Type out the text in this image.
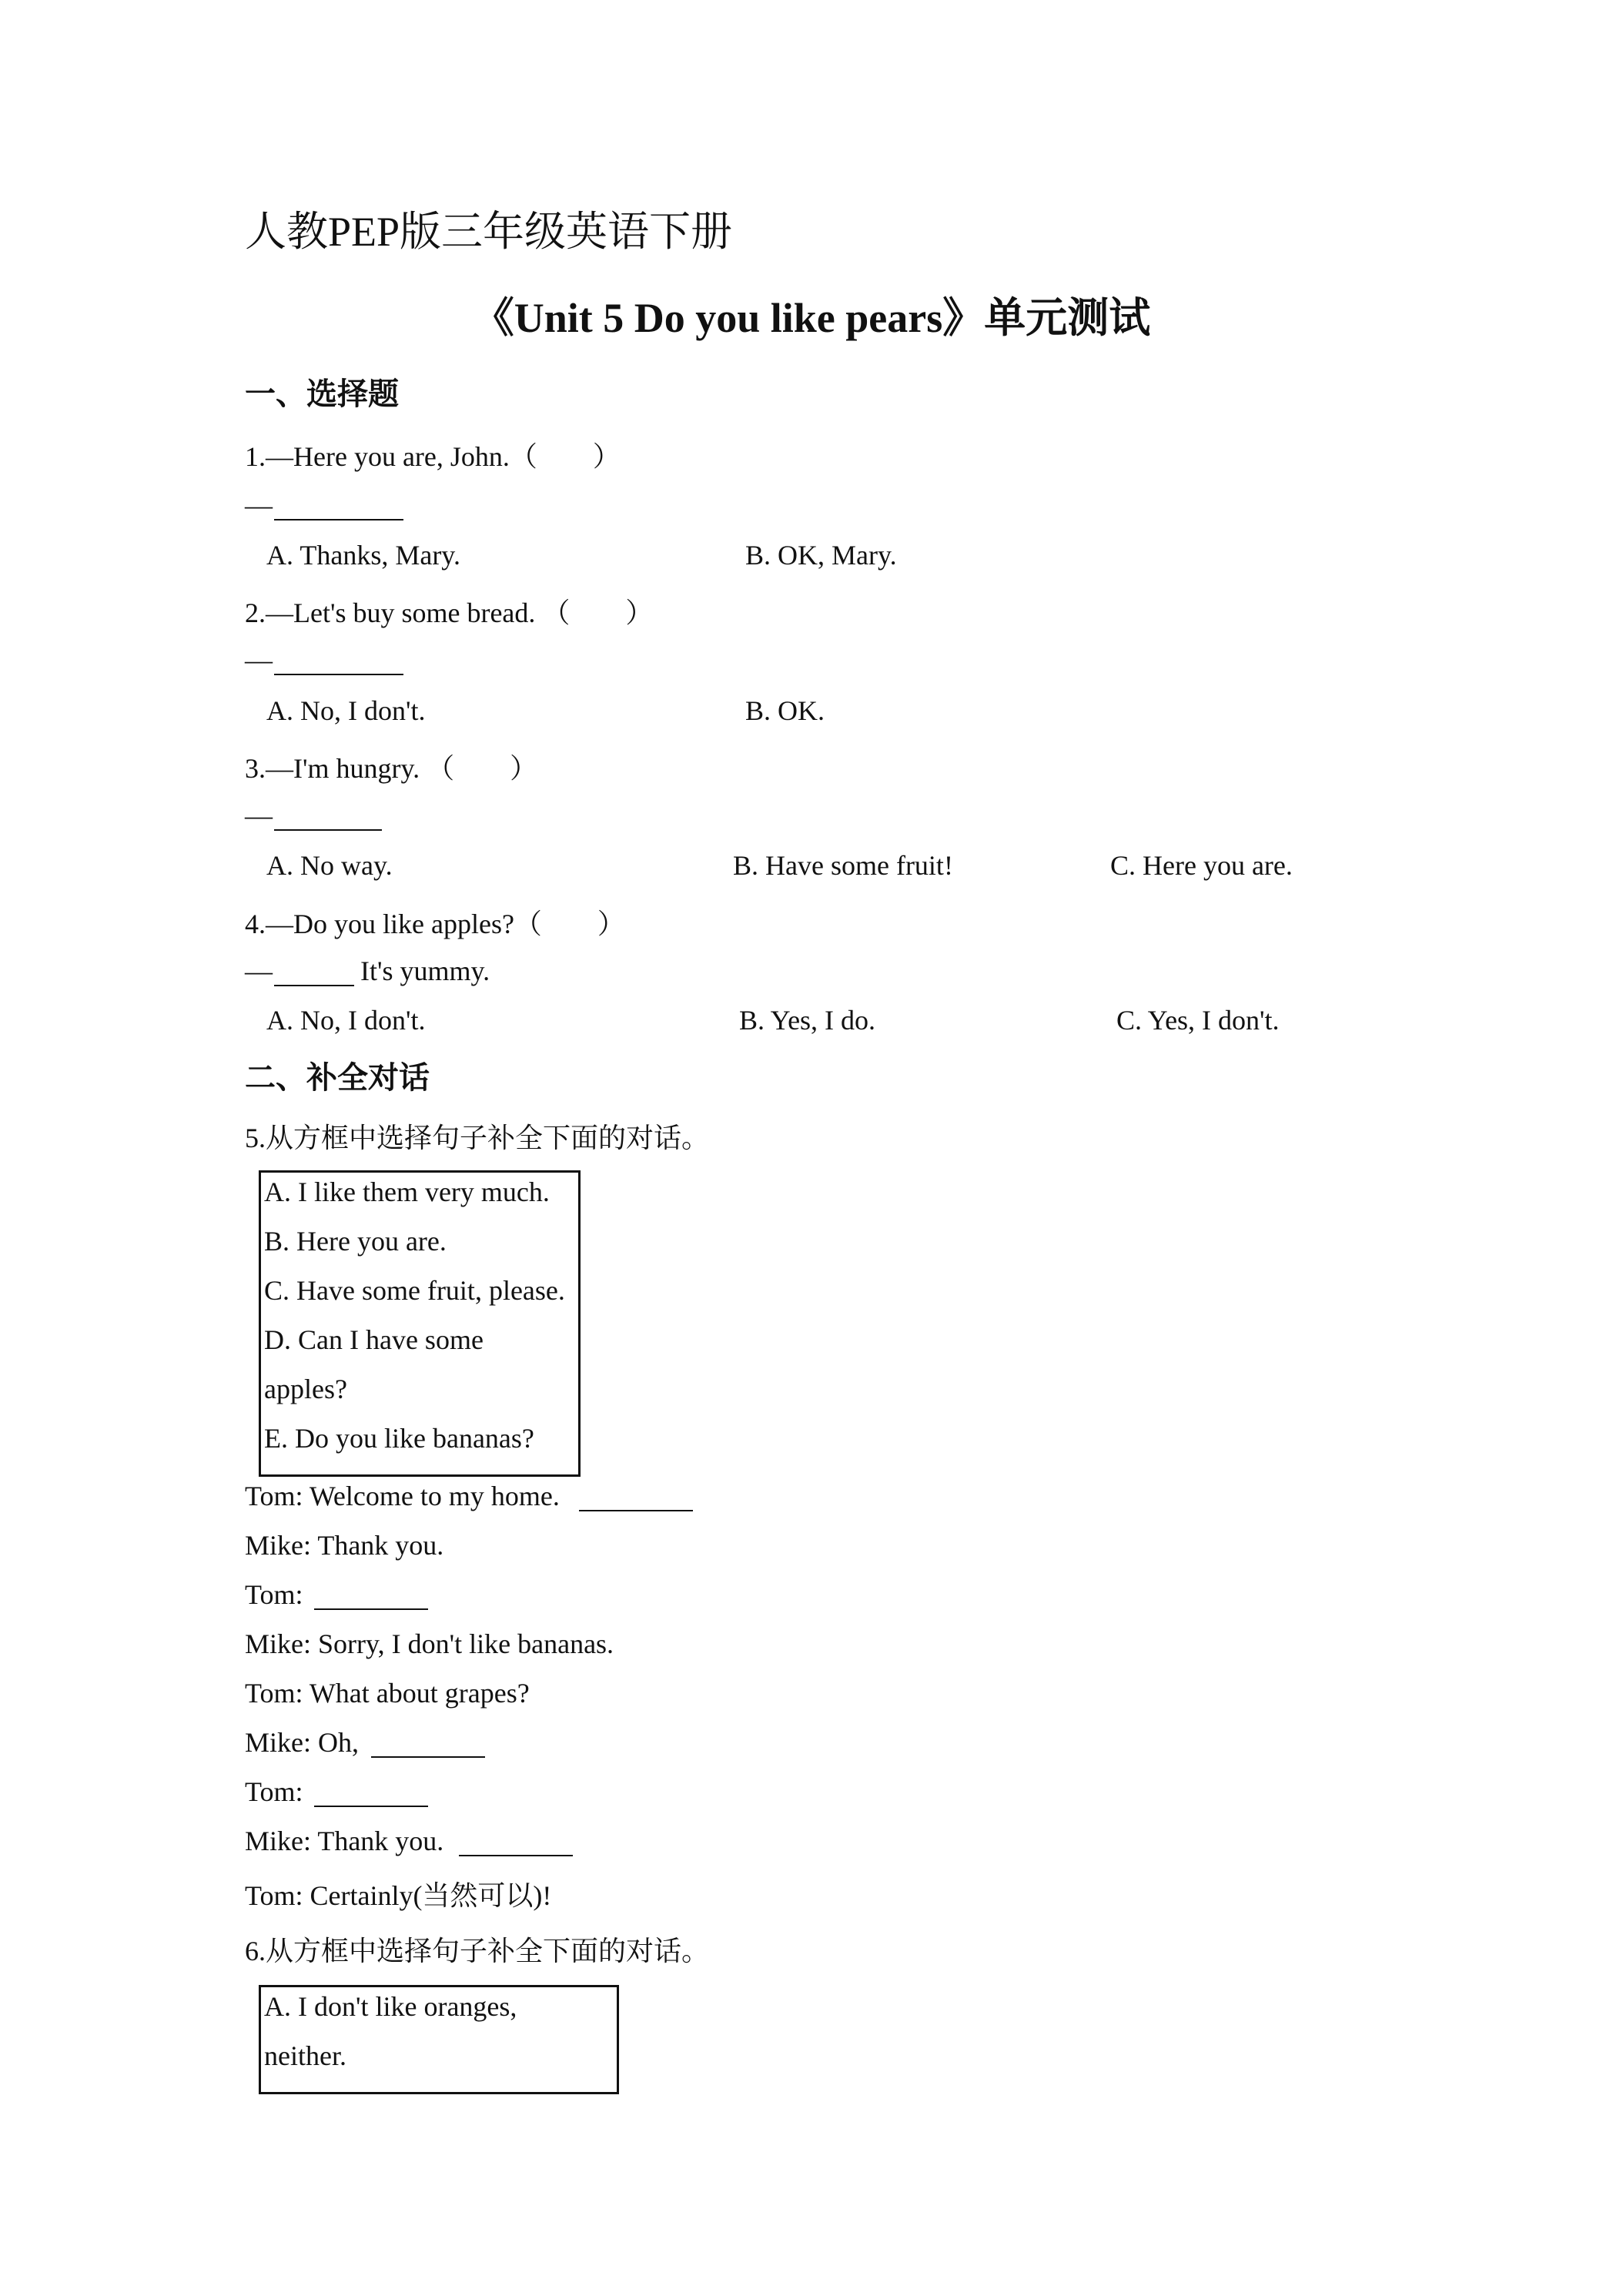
人教PEP版三年级英语下册
《Unit 5 Do you like pears》单元测试
一、选择题
1.—Here you are, John.（　　）
—
A. Thanks, Mary.	B. OK, Mary.
2.—Let's buy some bread. （　　）
—
A. No, I don't.	B. OK.
3.—I'm hungry. （　　）
—
A. No way.	B. Have some fruit!	C. Here you are.
4.—Do you like apples?（　　）
—	It's yummy.
A. No, I don't.	B. Yes, I do.	C. Yes, I don't.
二、补全对话
5.从方框中选择句子补全下面的对话。
A. I like them very much.
B. Here you are.
C. Have some fruit, please.
D. Can I have some
apples?
E. Do you like bananas?
Tom: Welcome to my home.
Mike: Thank you.
Tom:
Mike: Sorry, I don't like bananas.
Tom: What about grapes?
Mike: Oh,
Tom:
Mike: Thank you.
Tom: Certainly(当然可以)!
6.从方框中选择句子补全下面的对话。
A. I don't like oranges,
neither.
